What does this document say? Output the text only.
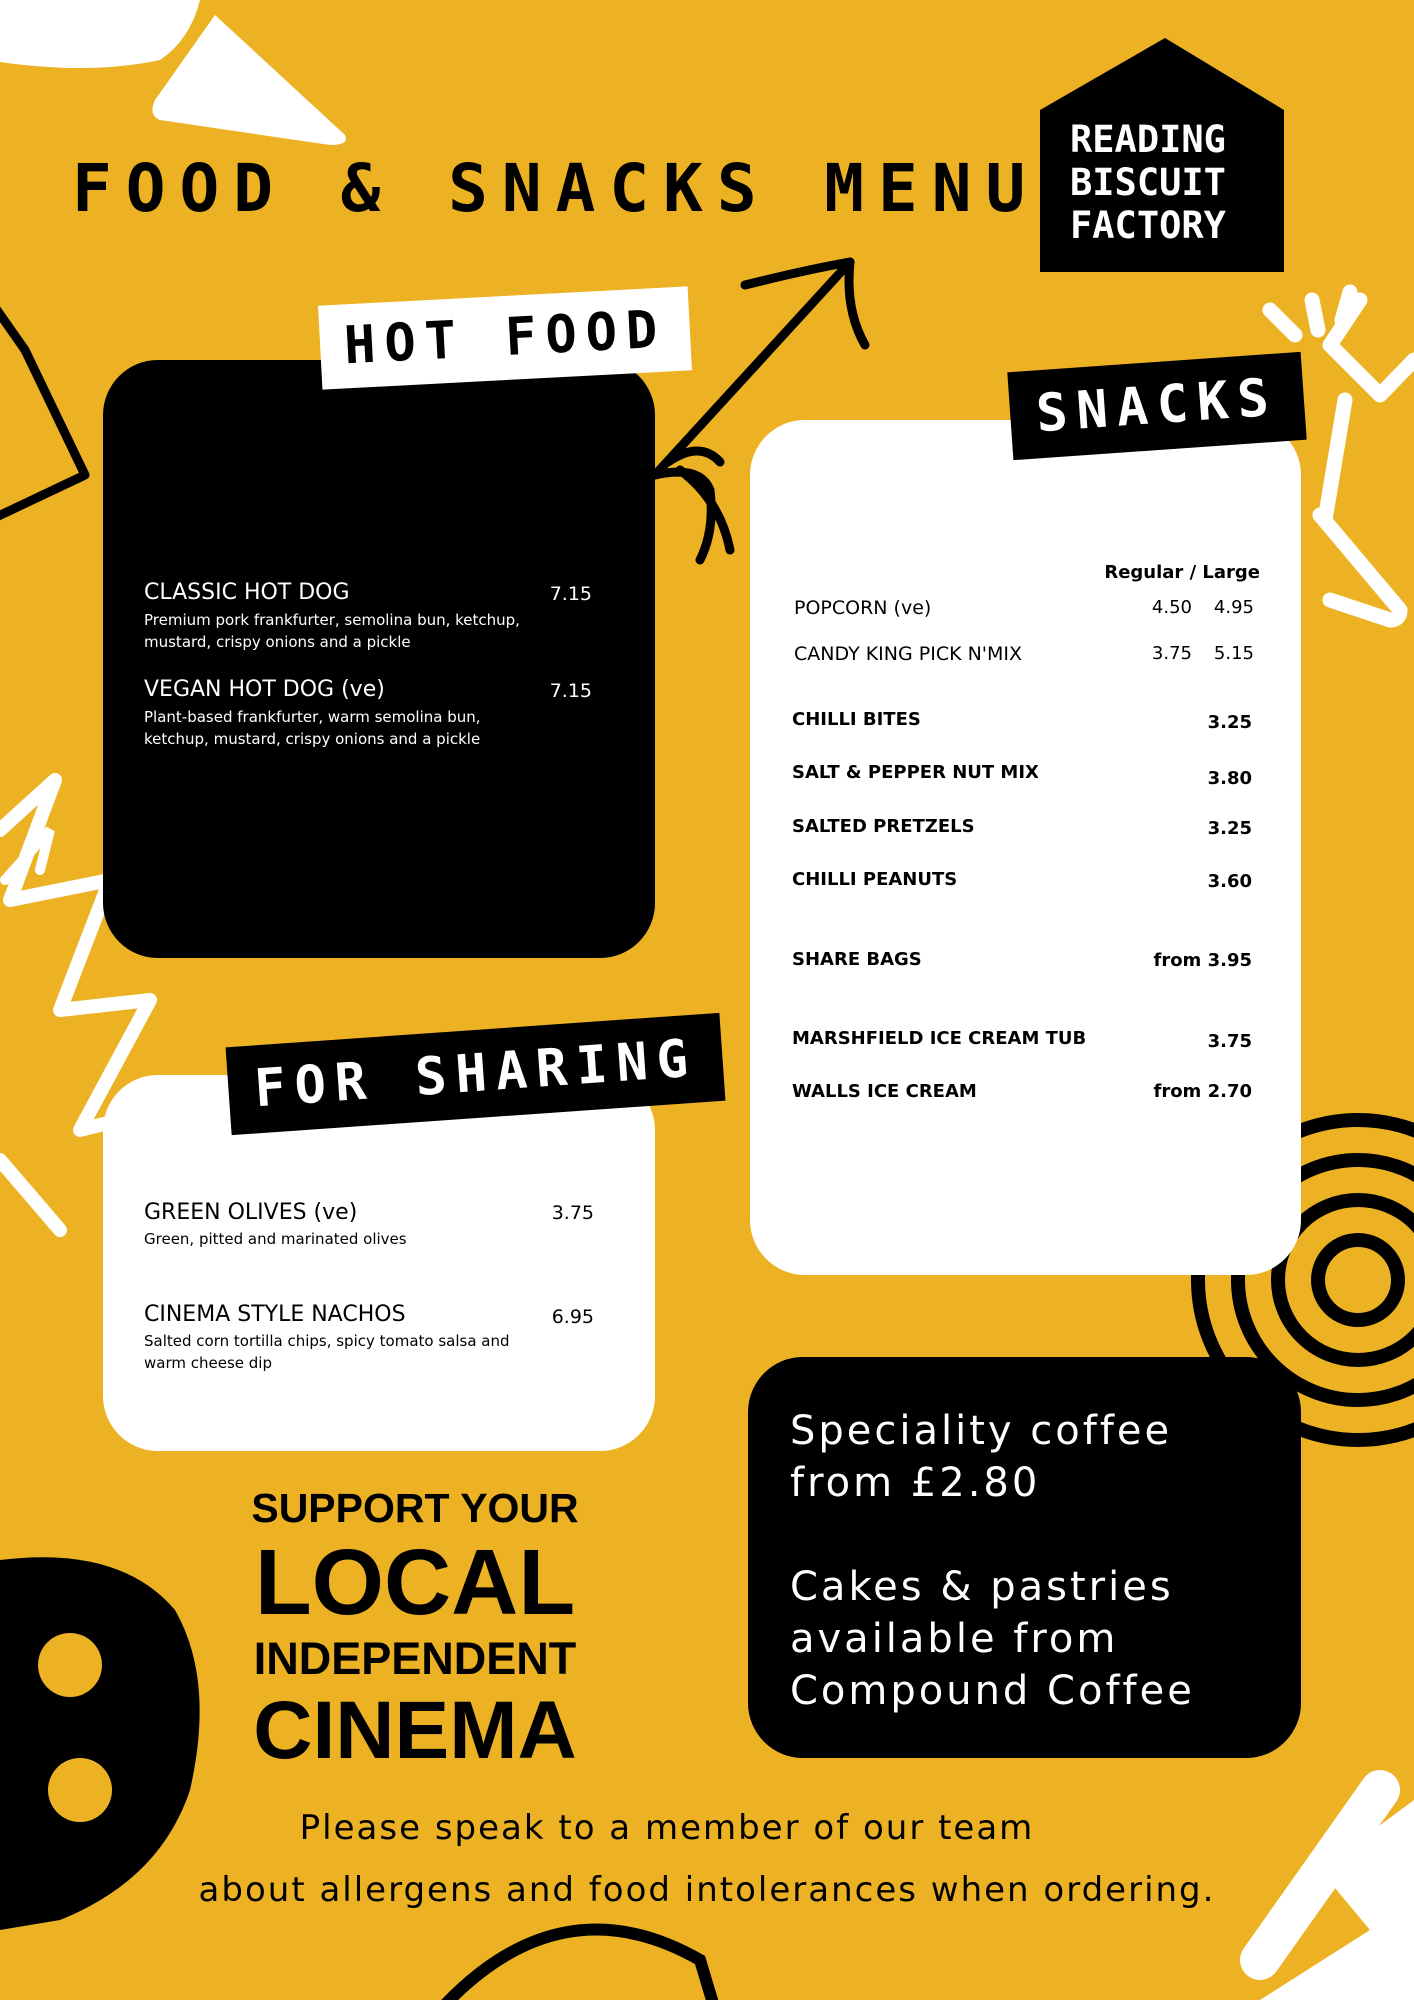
FOOD & SNACKS MENU
READING
BISCUIT
FACTORY
HOT FOOD
CLASSIC HOT DOG	7.15
Premium pork frankfurter, semolina bun, ketchup, mustard, crispy onions and a pickle
VEGAN HOT DOG (ve)	7.15
Plant-based frankfurter, warm semolina bun, ketchup, mustard, crispy onions and a pickle
FOR SHARING
GREEN OLIVES (ve)	3.75
Green, pitted and marinated olives
CINEMA STYLE NACHOS	6.95
Salted corn tortilla chips, spicy tomato salsa and warm cheese dip
SNACKS
Regular / Large
POPCORN (ve)	4.50	4.95
CANDY KING PICK N'MIX	3.75	5.15
CHILLI BITES	3.25
SALT & PEPPER NUT MIX	3.80
SALTED PRETZELS	3.25
CHILLI PEANUTS	3.60
SHARE BAGS	from 3.95
MARSHFIELD ICE CREAM TUB	3.75
WALLS ICE CREAM	from 2.70
SUPPORT YOUR
LOCAL
INDEPENDENT
CINEMA
Speciality coffee
from £2.80
Cakes & pastries
available from
Compound Coffee
Please speak to a member of our team
about allergens and food intolerances when ordering.
